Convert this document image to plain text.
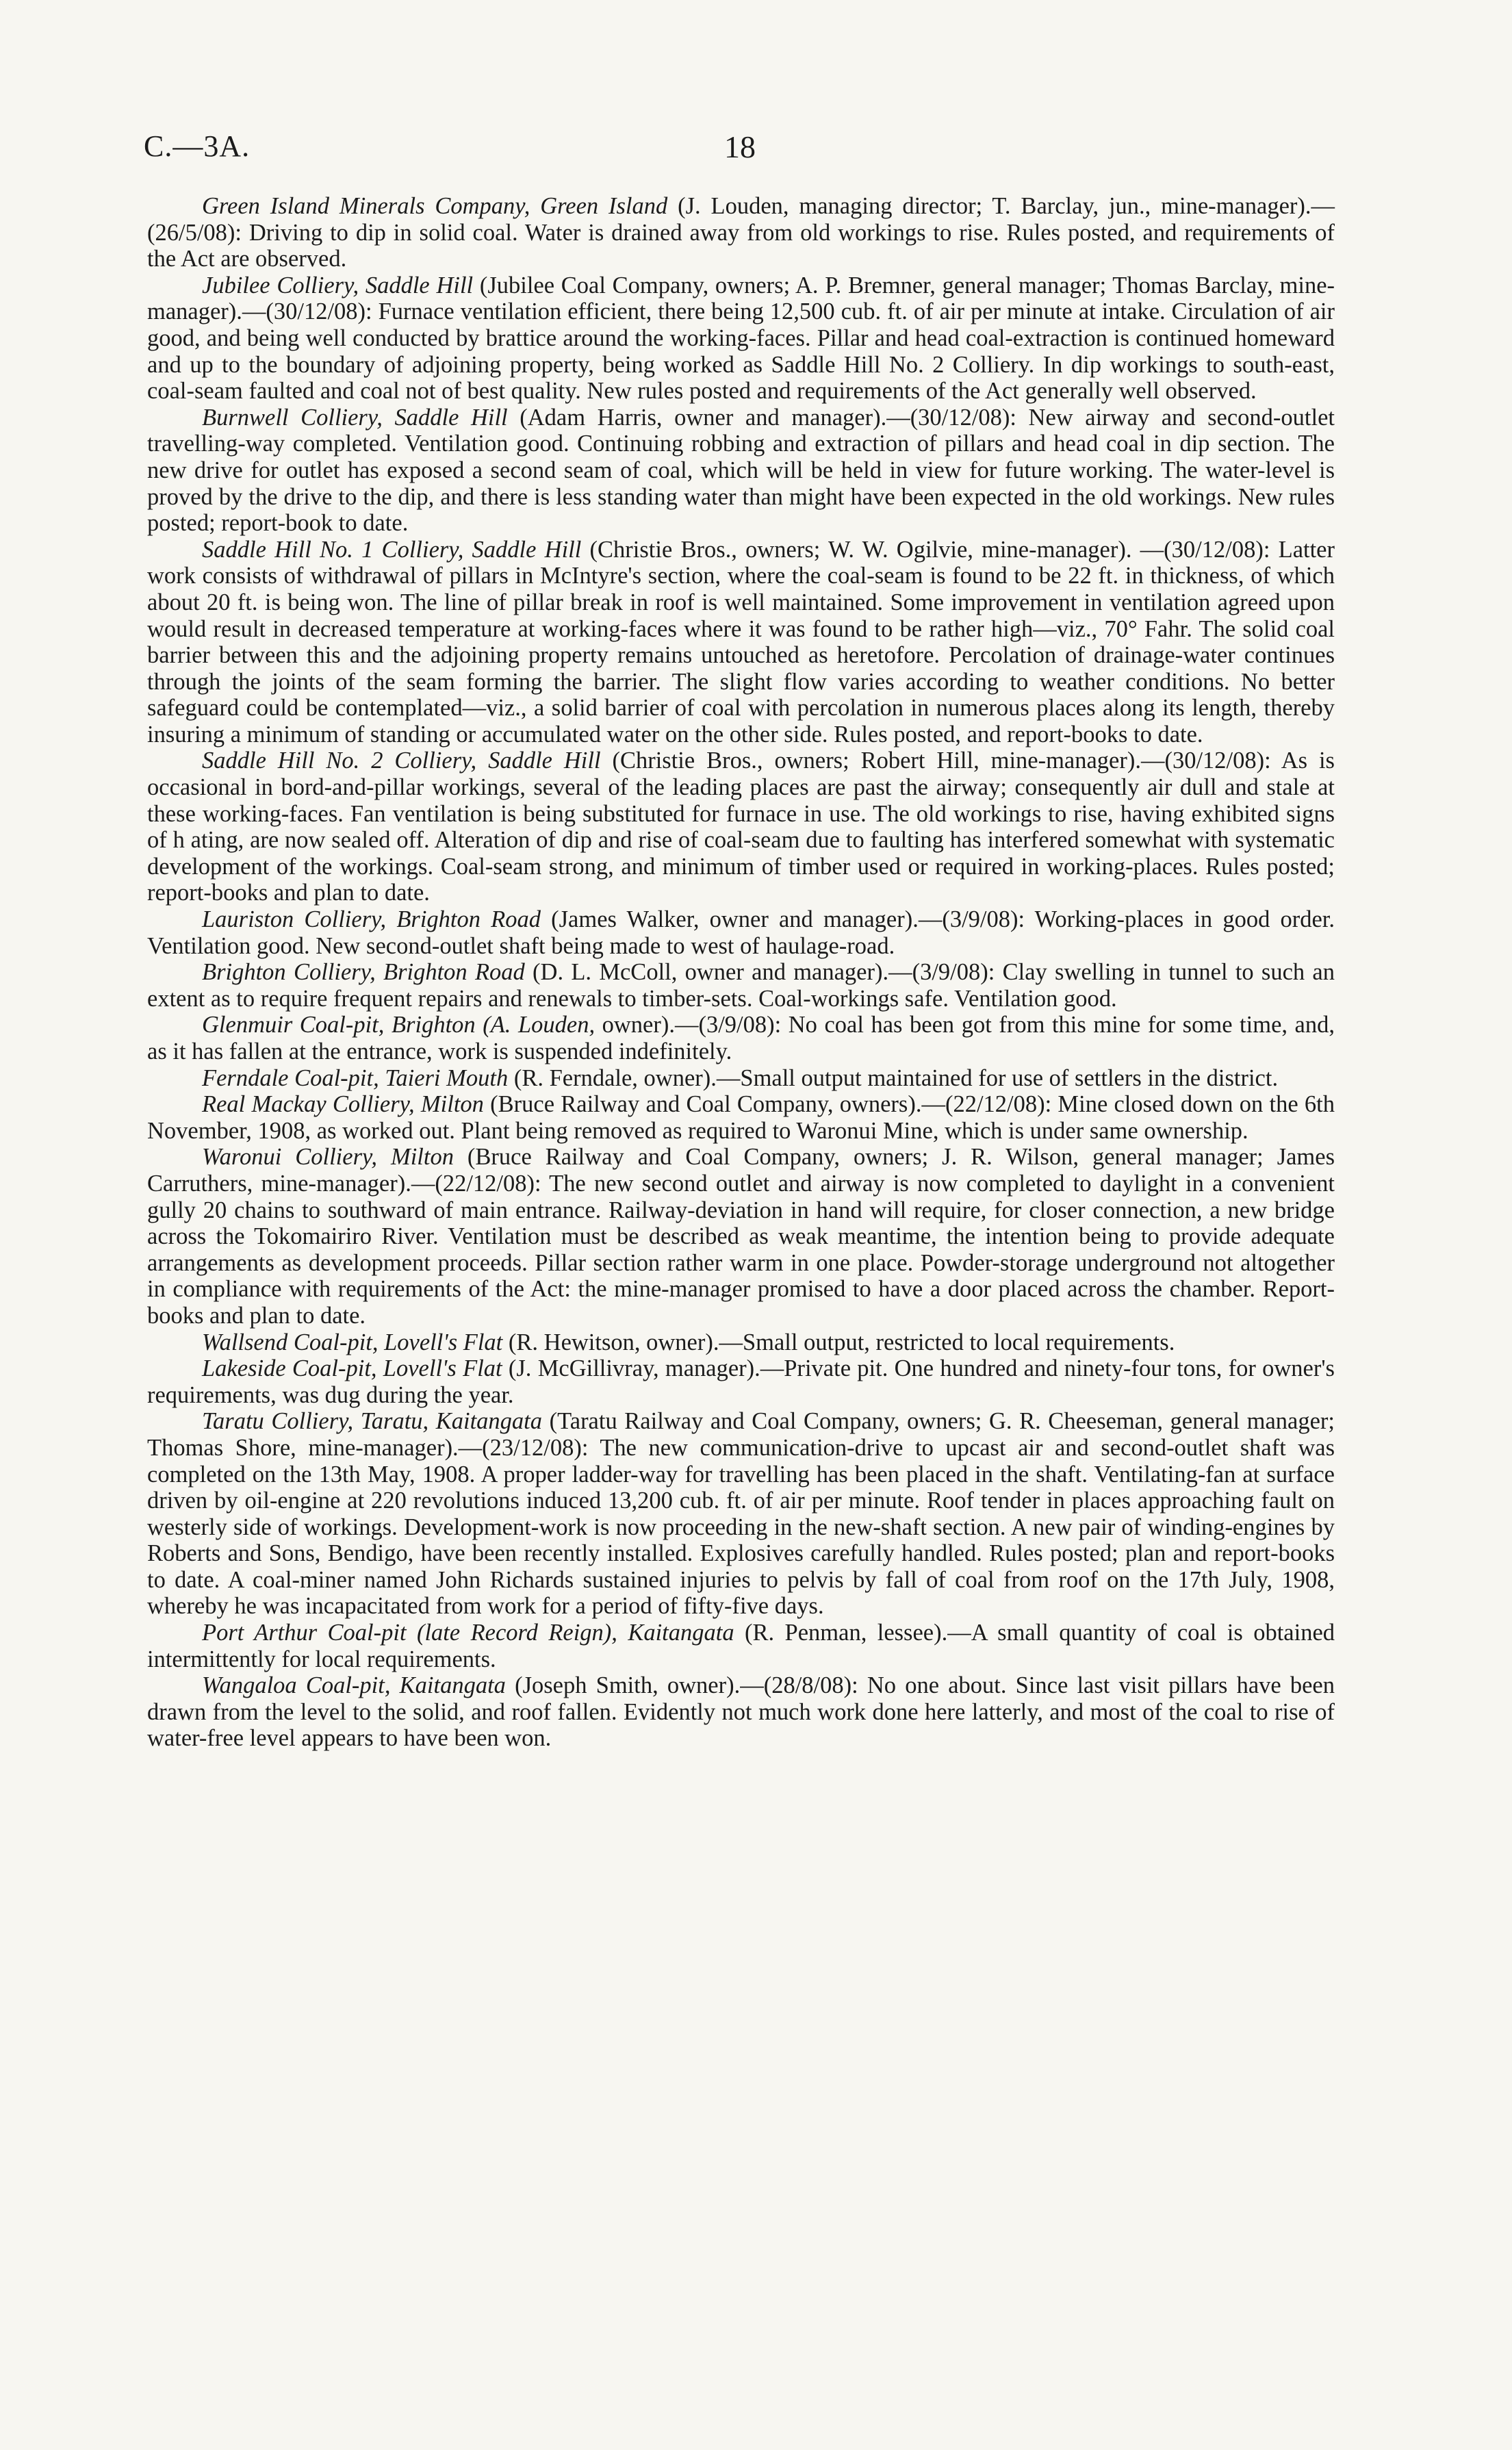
C.—3A.	18

Green Island Minerals Company, Green Island (J. Louden, managing director; T. Barclay, jun., mine-manager).—(26/5/08): Driving to dip in solid coal. Water is drained away from old workings to rise. Rules posted, and requirements of the Act are observed.

Jubilee Colliery, Saddle Hill (Jubilee Coal Company, owners; A. P. Bremner, general manager; Thomas Barclay, mine-manager).—(30/12/08): Furnace ventilation efficient, there being 12,500 cub. ft. of air per minute at intake. Circulation of air good, and being well conducted by brattice around the working-faces. Pillar and head coal-extraction is continued homeward and up to the boundary of adjoining property, being worked as Saddle Hill No. 2 Colliery. In dip workings to south-east, coal-seam faulted and coal not of best quality. New rules posted and requirements of the Act generally well observed.

Burnwell Colliery, Saddle Hill (Adam Harris, owner and manager).—(30/12/08): New airway and second-outlet travelling-way completed. Ventilation good. Continuing robbing and extraction of pillars and head coal in dip section. The new drive for outlet has exposed a second seam of coal, which will be held in view for future working. The water-level is proved by the drive to the dip, and there is less standing water than might have been expected in the old workings. New rules posted; report-book to date.

Saddle Hill No. 1 Colliery, Saddle Hill (Christie Bros., owners; W. W. Ogilvie, mine-manager). —(30/12/08): Latter work consists of withdrawal of pillars in McIntyre's section, where the coal-seam is found to be 22 ft. in thickness, of which about 20 ft. is being won. The line of pillar break in roof is well maintained. Some improvement in ventilation agreed upon would result in decreased temperature at working-faces where it was found to be rather high—viz., 70° Fahr. The solid coal barrier between this and the adjoining property remains untouched as heretofore. Percolation of drainage-water continues through the joints of the seam forming the barrier. The slight flow varies according to weather conditions. No better safeguard could be contemplated—viz., a solid barrier of coal with percolation in numerous places along its length, thereby insuring a minimum of standing or accumulated water on the other side. Rules posted, and report-books to date.

Saddle Hill No. 2 Colliery, Saddle Hill (Christie Bros., owners; Robert Hill, mine-manager).—(30/12/08): As is occasional in bord-and-pillar workings, several of the leading places are past the airway; consequently air dull and stale at these working-faces. Fan ventilation is being substituted for furnace in use. The old workings to rise, having exhibited signs of h ating, are now sealed off. Alteration of dip and rise of coal-seam due to faulting has interfered somewhat with systematic development of the workings. Coal-seam strong, and minimum of timber used or required in working-places. Rules posted; report-books and plan to date.

Lauriston Colliery, Brighton Road (James Walker, owner and manager).—(3/9/08): Working-places in good order. Ventilation good. New second-outlet shaft being made to west of haulage-road.

Brighton Colliery, Brighton Road (D. L. McColl, owner and manager).—(3/9/08): Clay swelling in tunnel to such an extent as to require frequent repairs and renewals to timber-sets. Coal-workings safe. Ventilation good.

Glenmuir Coal-pit, Brighton (A. Louden, owner).—(3/9/08): No coal has been got from this mine for some time, and, as it has fallen at the entrance, work is suspended indefinitely.

Ferndale Coal-pit, Taieri Mouth (R. Ferndale, owner).—Small output maintained for use of settlers in the district.

Real Mackay Colliery, Milton (Bruce Railway and Coal Company, owners).—(22/12/08): Mine closed down on the 6th November, 1908, as worked out. Plant being removed as required to Waronui Mine, which is under same ownership.

Waronui Colliery, Milton (Bruce Railway and Coal Company, owners; J. R. Wilson, general manager; James Carruthers, mine-manager).—(22/12/08): The new second outlet and airway is now completed to daylight in a convenient gully 20 chains to southward of main entrance. Railway-deviation in hand will require, for closer connection, a new bridge across the Tokomairiro River. Ventilation must be described as weak meantime, the intention being to provide adequate arrangements as development proceeds. Pillar section rather warm in one place. Powder-storage underground not altogether in compliance with requirements of the Act: the mine-manager promised to have a door placed across the chamber. Report-books and plan to date.

Wallsend Coal-pit, Lovell's Flat (R. Hewitson, owner).—Small output, restricted to local requirements.

Lakeside Coal-pit, Lovell's Flat (J. McGillivray, manager).—Private pit. One hundred and ninety-four tons, for owner's requirements, was dug during the year.

Taratu Colliery, Taratu, Kaitangata (Taratu Railway and Coal Company, owners; G. R. Cheeseman, general manager; Thomas Shore, mine-manager).—(23/12/08): The new communication-drive to upcast air and second-outlet shaft was completed on the 13th May, 1908. A proper ladder-way for travelling has been placed in the shaft. Ventilating-fan at surface driven by oil-engine at 220 revolutions induced 13,200 cub. ft. of air per minute. Roof tender in places approaching fault on westerly side of workings. Development-work is now proceeding in the new-shaft section. A new pair of winding-engines by Roberts and Sons, Bendigo, have been recently installed. Explosives carefully handled. Rules posted; plan and report-books to date. A coal-miner named John Richards sustained injuries to pelvis by fall of coal from roof on the 17th July, 1908, whereby he was incapacitated from work for a period of fifty-five days.

Port Arthur Coal-pit (late Record Reign), Kaitangata (R. Penman, lessee).—A small quantity of coal is obtained intermittently for local requirements.

Wangaloa Coal-pit, Kaitangata (Joseph Smith, owner).—(28/8/08): No one about. Since last visit pillars have been drawn from the level to the solid, and roof fallen. Evidently not much work done here latterly, and most of the coal to rise of water-free level appears to have been won.
